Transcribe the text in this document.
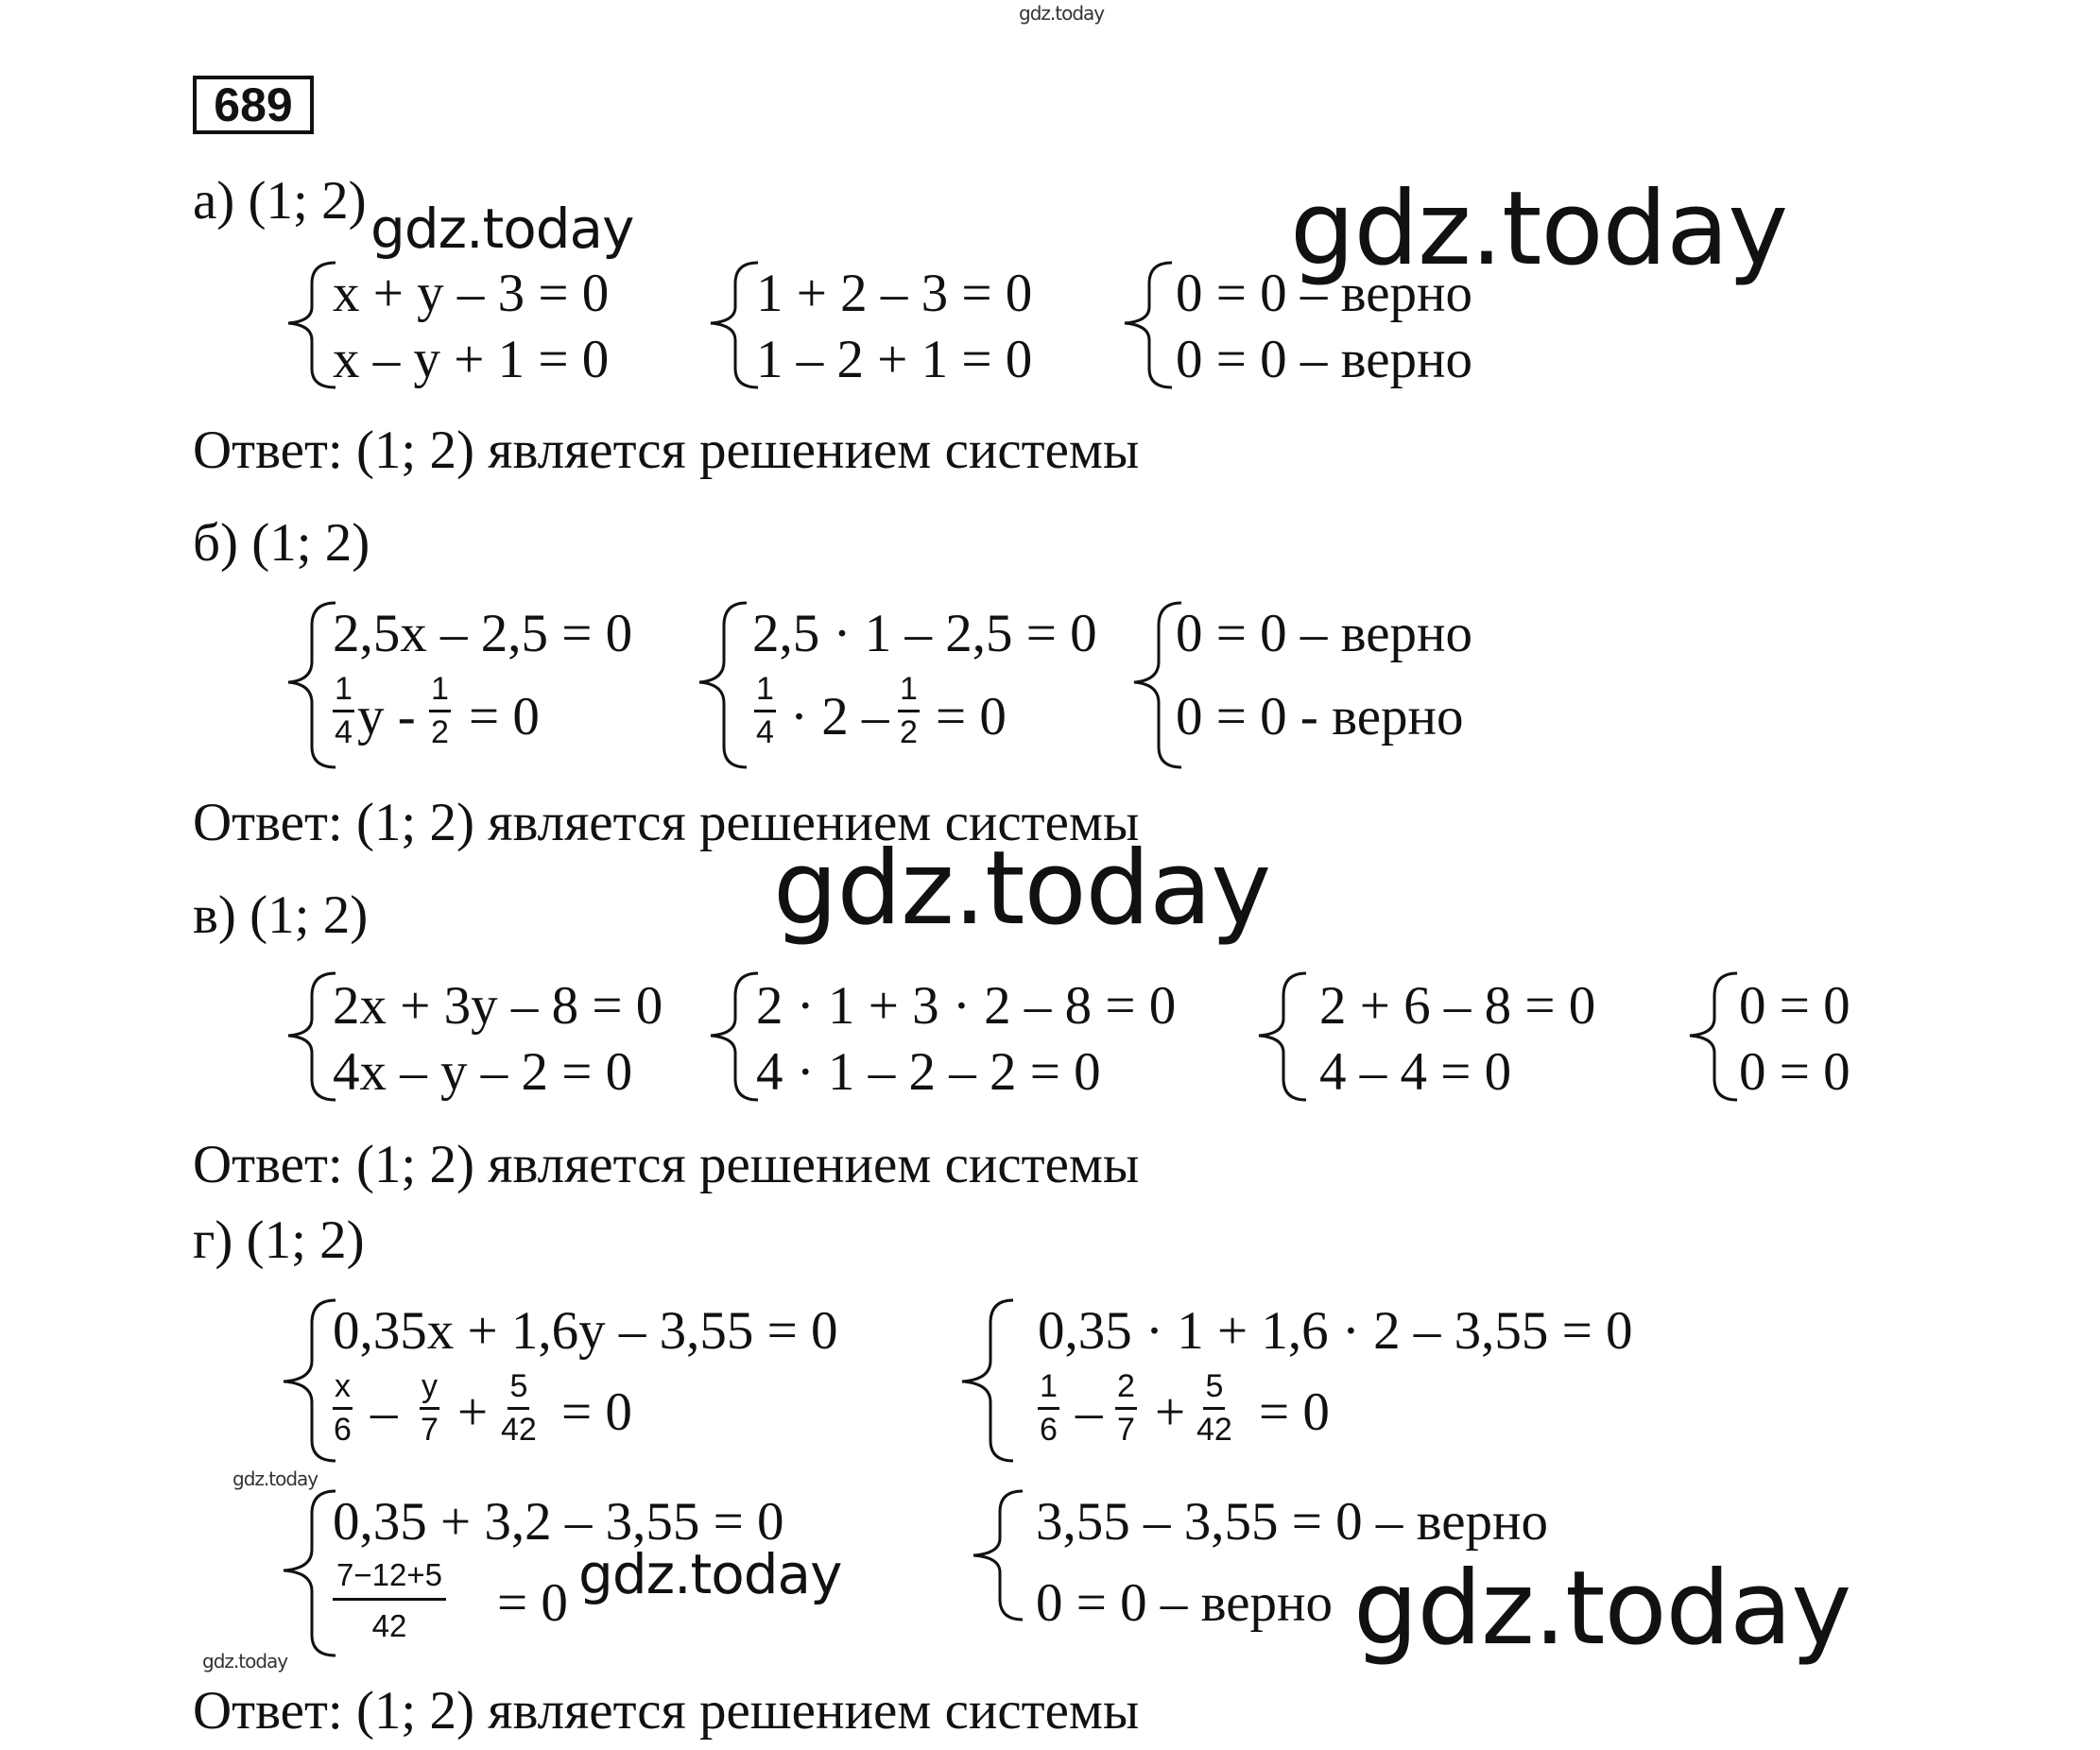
gdz.today
gdz.today	gdz.today
gdz.today
gdz.today
gdz.today	gdz.today
gdz.today
689
а) (1; 2)
x + y – 3 = 0
x – y + 1 = 0
1 + 2 – 3 = 0
1 – 2 + 1 = 0
0 = 0 – верно
0 = 0 – верно
Ответ: (1; 2) является решением системы
б) (1; 2)
2,5x – 2,5 = 0
$\frac{1}{4}$ $y - \frac{1}{2} = 0$
2,5 · 1 – 2,5 = 0
$\frac{1}{4} \cdot 2 - \frac{1}{2} = 0$
0 = 0 – верно
0 = 0 - верно
Ответ: (1; 2) является решением системы
в) (1; 2)
2x + 3y – 8 = 0
4x – y – 2 = 0
2 · 1 + 3 · 2 – 8 = 0
4 · 1 – 2 – 2 = 0
2 + 6 – 8 = 0
4 – 4 = 0
0 = 0
0 = 0
Ответ: (1; 2) является решением системы
г) (1; 2)
0,35x + 1,6y – 3,55 = 0
$\frac{x}{6} - \frac{y}{7} + \frac{5}{42} = 0$
0,35 · 1 + 1,6 · 2 – 3,55 = 0
$\frac{1}{6} - \frac{2}{7} + \frac{5}{42} = 0$
0,35 + 3,2 – 3,55 = 0
$\frac{7-12+5}{42} = 0$
3,55 – 3,55 = 0 – верно
0 = 0 – верно
Ответ: (1; 2) является решением системы
